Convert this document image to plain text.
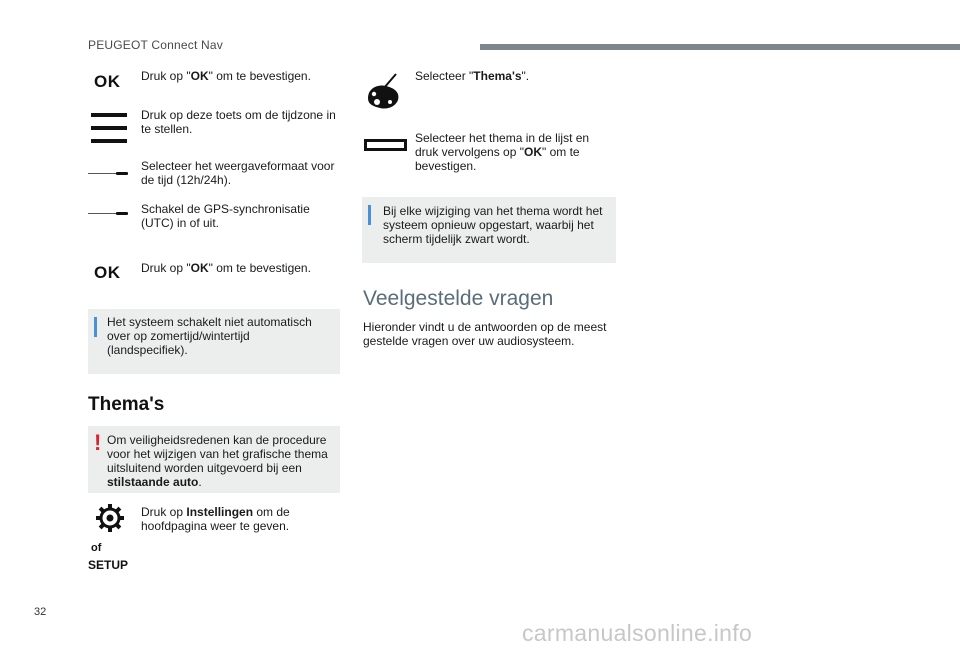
PEUGEOT Connect Nav
OK Druk op "OK" om te bevestigen.
Druk op deze toets om de tijdzone in te stellen.
Selecteer het weergaveformaat voor de tijd (12h/24h).
Schakel de GPS-synchronisatie (UTC) in of uit.
OK Druk op "OK" om te bevestigen.
Het systeem schakelt niet automatisch over op zomertijd/wintertijd (landspecifiek).
Thema's
! Om veiligheidsredenen kan de procedure voor het wijzigen van het grafische thema uitsluitend worden uitgevoerd bij een stilstaande auto.
Druk op Instellingen om de hoofdpagina weer te geven.
of
SETUP
Selecteer "Thema's".
Selecteer het thema in de lijst en druk vervolgens op "OK" om te bevestigen.
Bij elke wijziging van het thema wordt het systeem opnieuw opgestart, waarbij het scherm tijdelijk zwart wordt.
Veelgestelde vragen
Hieronder vindt u de antwoorden op de meest gestelde vragen over uw audiosysteem.
32
carmanualsonline.info
